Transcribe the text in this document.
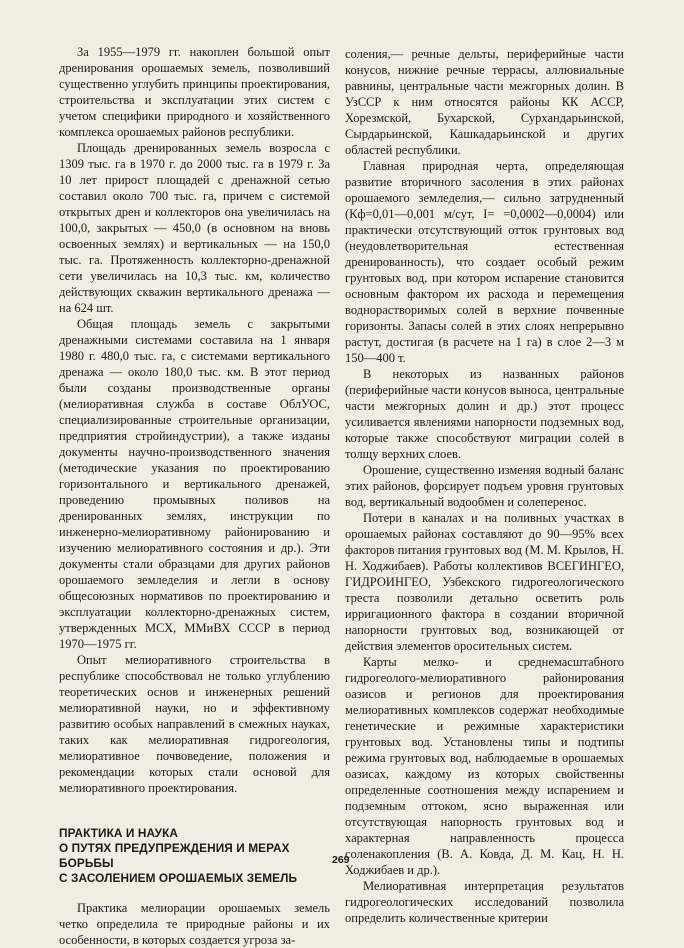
За 1955—1979 гг. накоплен большой опыт дренирования орошаемых земель, позволивший существенно углубить принципы проектирования, строительства и эксплуатации этих систем с учетом специфики природного и хозяйственного комплекса орошаемых районов республики.

Площадь дренированных земель возросла с 1309 тыс. га в 1970 г. до 2000 тыс. га в 1979 г. За 10 лет прирост площадей с дренажной сетью составил около 700 тыс. га, причем с системой открытых дрен и коллекторов она увеличилась на 100,0, закрытых — 450,0 (в основном на вновь освоенных землях) и вертикальных — на 150,0 тыс. га. Протяженность коллекторно-дренажной сети увеличилась на 10,3 тыс. км, количество действующих скважин вертикального дренажа — на 624 шт.

Общая площадь земель с закрытыми дренажными системами составила на 1 января 1980 г. 480,0 тыс. га, с системами вертикального дренажа — около 180,0 тыс. км. В этот период были созданы производственные органы (мелиоративная служба в составе ОблУОС, специализированные строительные организации, предприятия стройиндустрии), а также изданы документы научно-производственного значения (методические указания по проектированию горизонтального и вертикального дренажей, проведению промывных поливов на дренированных землях, инструкции по инженерно-мелиоративному районированию и изучению мелиоративного состояния и др.). Эти документы стали образцами для других районов орошаемого земледелия и легли в основу общесоюзных нормативов по проектированию и эксплуатации коллекторно-дренажных систем, утвержденных МСХ, ММиВХ СССР в период 1970—1975 гг.

Опыт мелиоративного строительства в республике способствовал не только углублению теоретических основ и инженерных решений мелиоративной науки, но и эффективному развитию особых направлений в смежных науках, таких как мелиоративная гидрогеология, мелиоративное почвоведение, положения и рекомендации которых стали основой для мелиоративного проектирования.

ПРАКТИКА И НАУКА
О ПУТЯХ ПРЕДУПРЕЖДЕНИЯ И МЕРАХ БОРЬБЫ
С ЗАСОЛЕНИЕМ ОРОШАЕМЫХ ЗЕМЕЛЬ

Практика мелиорации орошаемых земель четко определила те природные районы и их особенности, в которых создается угроза за-

соления,— речные дельты, периферийные части конусов, нижние речные террасы, аллювиальные равнины, центральные части межгорных долин. В УзССР к ним относятся районы КК АССР, Хорезмской, Бухарской, Сурхандарьинской, Сырдарьинской, Кашкадарьинской и других областей республики.

Главная природная черта, определяющая развитие вторичного засоления в этих районах орошаемого земледелия,— сильно затрудненный (Кф=0,01—0,001 м/сут, I= =0,0002—0,0004) или практически отсутствующий отток грунтовых вод (неудовлетворительная естественная дренированность), что создает особый режим грунтовых вод, при котором испарение становится основным фактором их расхода и перемещения воднорастворимых солей в верхние почвенные горизонты. Запасы солей в этих слоях непрерывно растут, достигая (в расчете на 1 га) в слое 2—3 м 150—400 т.

В некоторых из названных районов (периферийные части конусов выноса, центральные части межгорных долин и др.) этот процесс усиливается явлениями напорности подземных вод, которые также способствуют миграции солей в толщу верхних слоев.

Орошение, существенно изменяя водный баланс этих районов, форсирует подъем уровня грунтовых вод, вертикальный водообмен и солеперенос.

Потери в каналах и на поливных участках в орошаемых районах составляют до 90—95% всех факторов питания грунтовых вод (М. М. Крылов, Н. Н. Ходжибаев). Работы коллективов ВСЕГИНГЕО, ГИДРОИНГЕО, Узбекского гидрогеологического треста позволили детально осветить роль ирригационного фактора в создании вторичной напорности грунтовых вод, возникающей от действия элементов оросительных систем.

Карты мелко- и среднемасштабного гидрогеолого-мелиоративного районирования оазисов и регионов для проектирования мелиоративных комплексов содержат необходимые генетические и режимные характеристики грунтовых вод. Установлены типы и подтипы режима грунтовых вод, наблюдаемые в орошаемых оазисах, каждому из которых свойственны определенные соотношения между испарением и подземным оттоком, ясно выраженная или отсутствующая напорность грунтовых вод и характерная направленность процесса соленакопления (В. А. Ковда, Д. М. Кац, Н. Н. Ходжибаев и др.).

Мелиоративная интерпретация результатов гидрогеологических исследований позволила определить количественные критерии

269
